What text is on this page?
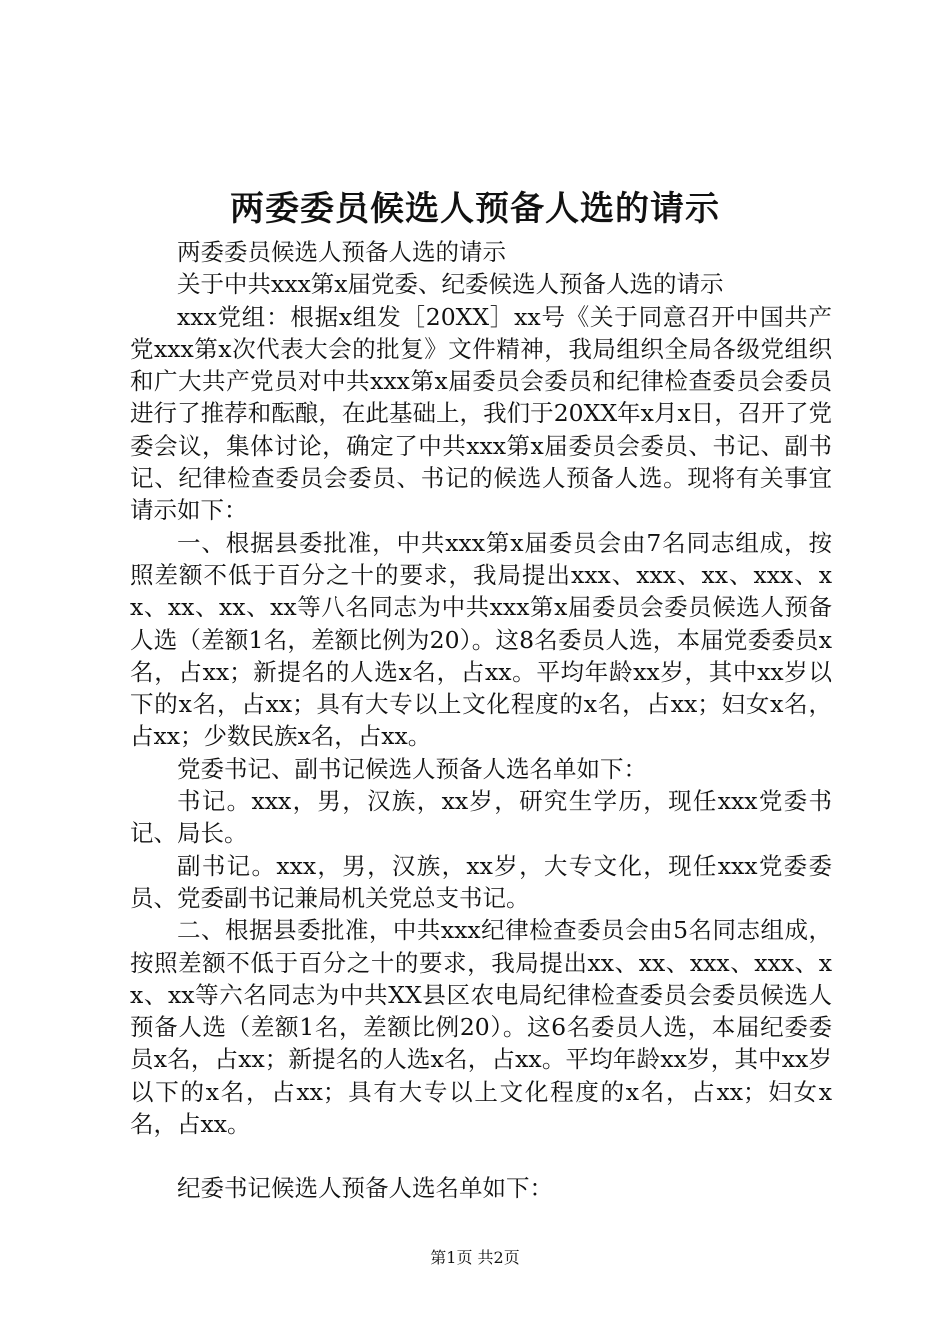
两委委员候选人预备人选的请示

两委委员候选人预备人选的请示

关于中共xxx第x届党委、纪委候选人预备人选的请示

xxx党组：根据x组发［20XX］xx号《关于同意召开中国共产党xxx第x次代表大会的批复》文件精神，我局组织全局各级党组织和广大共产党员对中共xxx第x届委员会委员和纪律检查委员会委员进行了推荐和酝酿，在此基础上，我们于20XX年x月x日，召开了党委会议，集体讨论，确定了中共xxx第x届委员会委员、书记、副书记、纪律检查委员会委员、书记的候选人预备人选。现将有关事宜请示如下：

一、根据县委批准，中共xxx第x届委员会由7名同志组成，按照差额不低于百分之十的要求，我局提出xxx、xxx、xx、xxx、xx、xx、xx、xx等八名同志为中共xxx第x届委员会委员候选人预备人选（差额1名，差额比例为20）。这8名委员人选，本届党委委员x名，占xx；新提名的人选x名，占xx。平均年龄xx岁，其中xx岁以下的x名，占xx；具有大专以上文化程度的x名，占xx；妇女x名，占xx；少数民族x名，占xx。

党委书记、副书记候选人预备人选名单如下：

书记。xxx，男，汉族，xx岁，研究生学历，现任xxx党委书记、局长。

副书记。xxx，男，汉族，xx岁，大专文化，现任xxx党委委员、党委副书记兼局机关党总支书记。

二、根据县委批准，中共xxx纪律检查委员会由5名同志组成，按照差额不低于百分之十的要求，我局提出xx、xx、xxx、xxx、xx、xx等六名同志为中共XX县区农电局纪律检查委员会委员候选人预备人选（差额1名，差额比例20）。这6名委员人选，本届纪委委员x名，占xx；新提名的人选x名，占xx。平均年龄xx岁，其中xx岁以下的x名，占xx；具有大专以上文化程度的x名，占xx；妇女x名，占xx。

纪委书记候选人预备人选名单如下：

第1页 共2页
